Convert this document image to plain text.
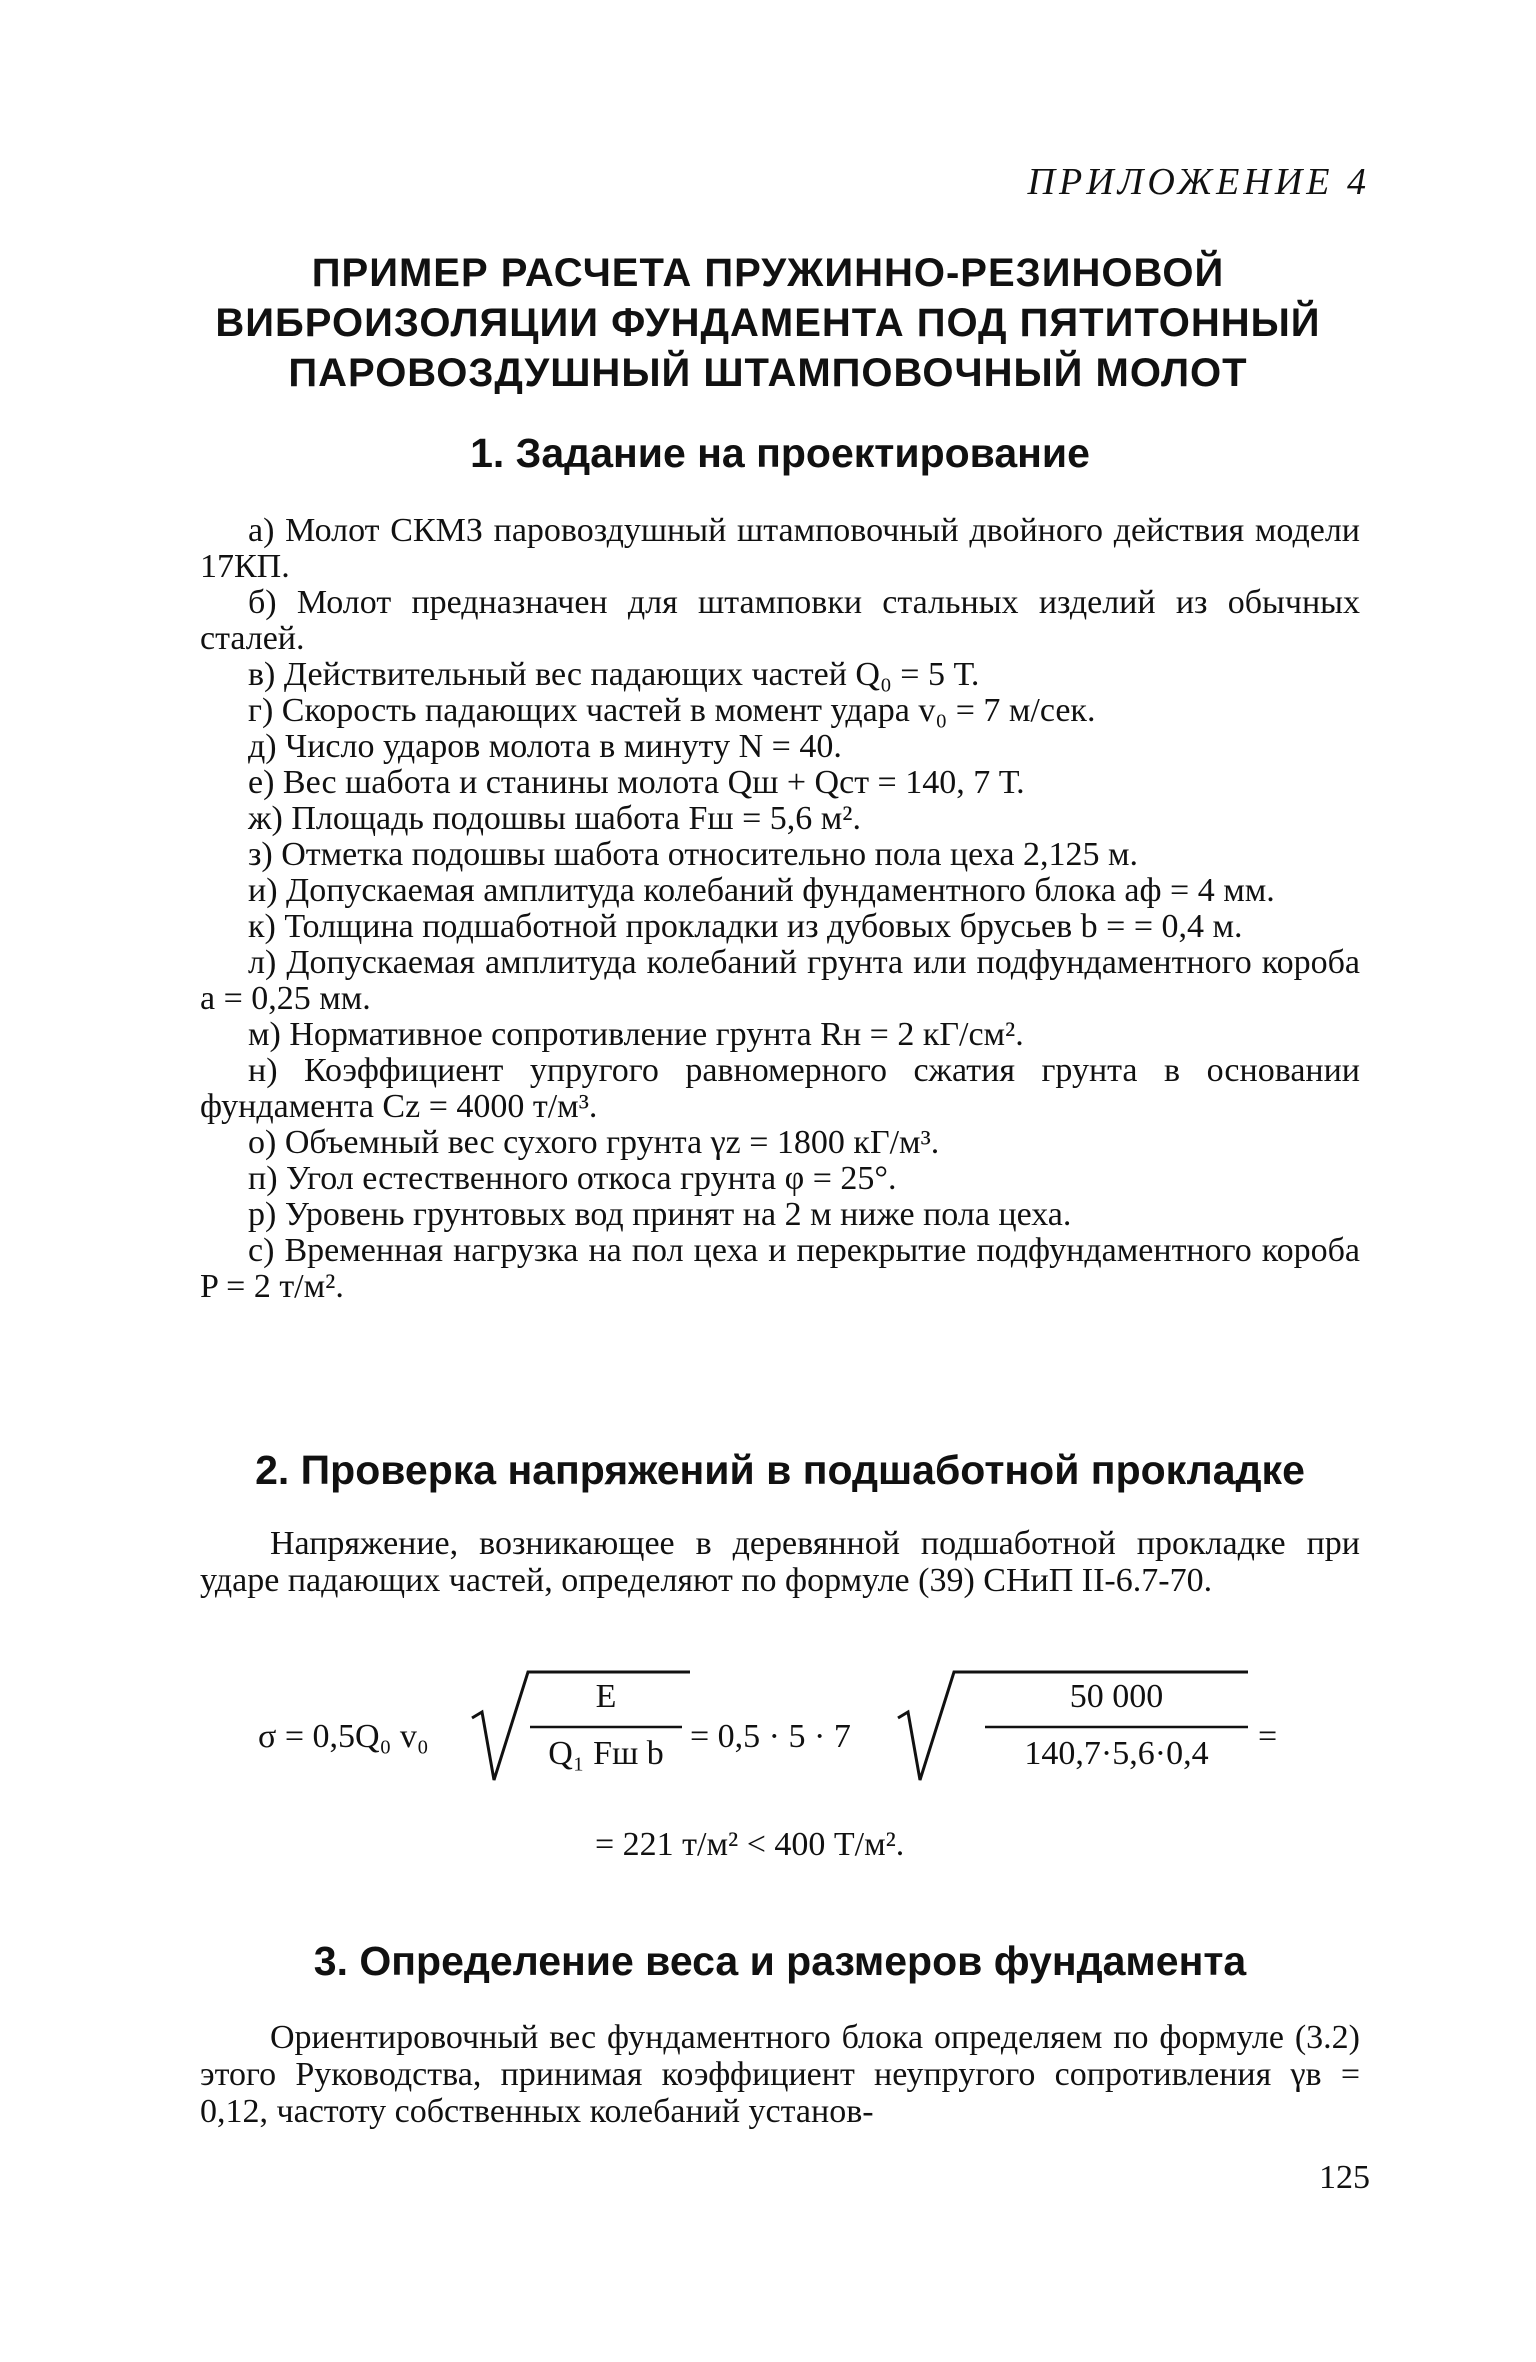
ПРИЛОЖЕНИЕ 4
ПРИМЕР РАСЧЕТА ПРУЖИННО-РЕЗИНОВОЙ
ВИБРОИЗОЛЯЦИИ ФУНДАМЕНТА ПОД ПЯТИТОННЫЙ
ПАРОВОЗДУШНЫЙ ШТАМПОВОЧНЫЙ МОЛОТ
1. Задание на проектирование
а) Молот СКМЗ паровоздушный штамповочный двойного действия модели 17КП.
б) Молот предназначен для штамповки стальных изделий из обычных сталей.
в) Действительный вес падающих частей Q₀ = 5 Т.
г) Скорость падающих частей в момент удара v₀ = 7 м/сек.
д) Число ударов молота в минуту N = 40.
е) Вес шабота и станины молота Qш + Qст = 140, 7 Т.
ж) Площадь подошвы шабота Fш = 5,6 м².
з) Отметка подошвы шабота относительно пола цеха 2,125 м.
и) Допускаемая амплитуда колебаний фундаментного блока aф = 4 мм.
к) Толщина подшаботной прокладки из дубовых брусьев b = = 0,4 м.
л) Допускаемая амплитуда колебаний грунта или подфундаментного короба a = 0,25 мм.
м) Нормативное сопротивление грунта Rн = 2 кГ/см².
н) Коэффициент упругого равномерного сжатия грунта в основании фундамента Cz = 4000 т/м³.
о) Объемный вес сухого грунта γz = 1800 кГ/м³.
п) Угол естественного откоса грунта φ = 25°.
р) Уровень грунтовых вод принят на 2 м ниже пола цеха.
с) Временная нагрузка на пол цеха и перекрытие подфундаментного короба P = 2 т/м².
2. Проверка напряжений в подшаботной прокладке
Напряжение, возникающее в деревянной подшаботной прокладке при ударе падающих частей, определяют по формуле (39) СНиП II-6.7-70.
σ = 0,5Q₀ v₀
E
Q₁ Fш b = 0,5 · 5 · 7
50 000
140,7·5,6·0,4	=
= 221 т/м² < 400 Т/м².
3. Определение веса и размеров фундамента
Ориентировочный вес фундаментного блока определяем по формуле (3.2) этого Руководства, принимая коэффициент неупругого сопротивления γв = 0,12, частоту собственных колебаний установ-
125
